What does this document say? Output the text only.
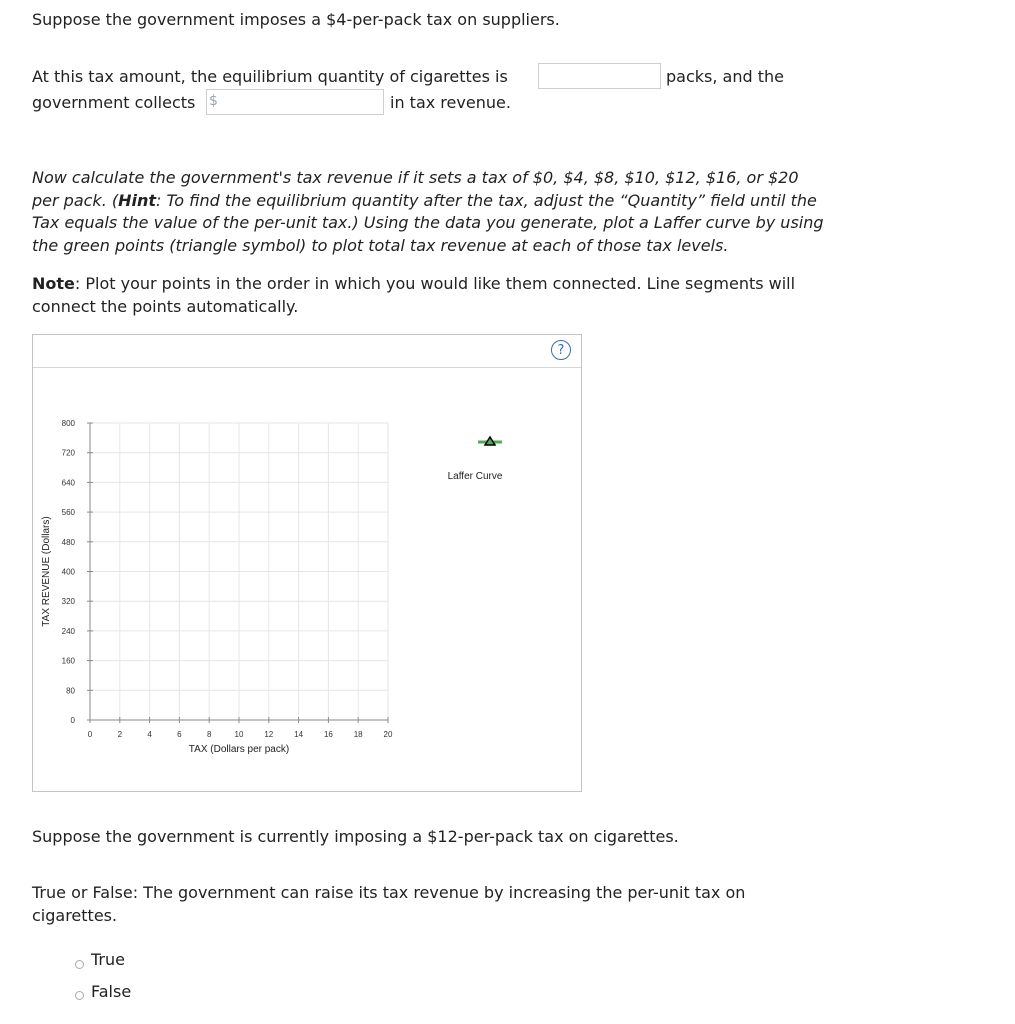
Suppose the government imposes a $4-per-pack tax on suppliers.
At this tax amount, the equilibrium quantity of cigarettes is	packs, and the
government collects $	in tax revenue.
Now calculate the government's tax revenue if it sets a tax of $0, $4, $8, $10, $12, $16, or $20
per pack. (Hint: To find the equilibrium quantity after the tax, adjust the “Quantity” field until the
Tax equals the value of the per-unit tax.) Using the data you generate, plot a Laffer curve by using
the green points (triangle symbol) to plot total tax revenue at each of those tax levels.
Note: Plot your points in the order in which you would like them connected. Line segments will
connect the points automatically.
?
0
80
160
240
320
400
480
560
640
720
800
0	2	4	6	8	10	12	14	16	18	20
TAX (Dollars per pack)
TAX REVENUE (Dollars)
Laffer Curve
Suppose the government is currently imposing a $12-per-pack tax on cigarettes.
True or False: The government can raise its tax revenue by increasing the per-unit tax on
cigarettes.
True
False
